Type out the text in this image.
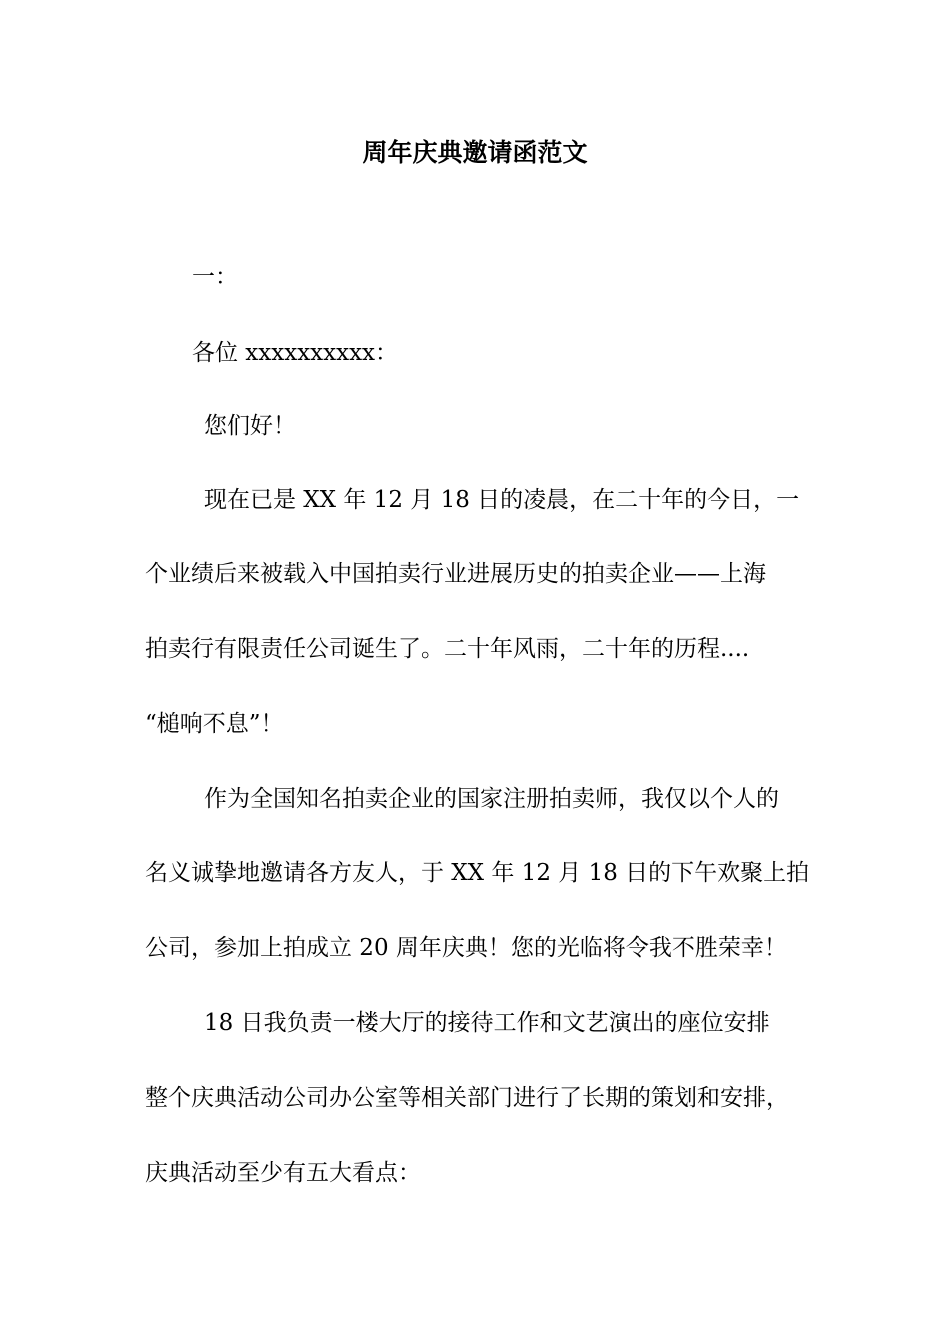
周年庆典邀请函范文
一：
各位 xxxxxxxxxx：
您们好！
现在已是 XX 年 12 月 18 日的凌晨，在二十年的今日，一
个业绩后来被载入中国拍卖行业进展历史的拍卖企业——上海
拍卖行有限责任公司诞生了。二十年风雨，二十年的历程....
“槌响不息”！
作为全国知名拍卖企业的国家注册拍卖师，我仅以个人的
名义诚挚地邀请各方友人，于 XX 年 12 月 18 日的下午欢聚上拍
公司，参加上拍成立 20 周年庆典！您的光临将令我不胜荣幸！
18 日我负责一楼大厅的接待工作和文艺演出的座位安排
整个庆典活动公司办公室等相关部门进行了长期的策划和安排，
庆典活动至少有五大看点：
